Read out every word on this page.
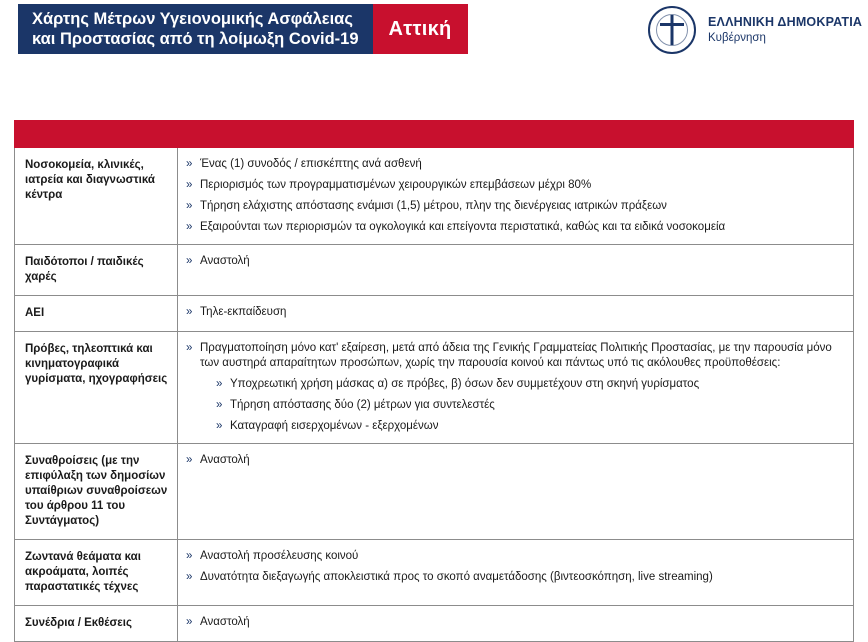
Χάρτης Μέτρων Υγειονομικής Ασφάλειας
και Προστασίας από τη λοίμωξη Covid-19	Αττική	ΕΛΛΗΝΙΚΗ ΔΗΜΟΚΡΑΤΙΑ
Κυβέρνηση

Νοσοκομεία, κλινικές, ιατρεία και διαγνωστικά κέντρα	
» Ένας (1) συνοδός / επισκέπτης ανά ασθενή
» Περιορισμός των προγραμματισμένων χειρουργικών επεμβάσεων μέχρι 80%
» Τήρηση ελάχιστης απόστασης ενάμισι (1,5) μέτρου, πλην της διενέργειας ιατρικών πράξεων
» Εξαιρούνται των περιορισμών τα ογκολογικά και επείγοντα περιστατικά, καθώς και τα ειδικά νοσοκομεία

Παιδότοποι / παιδικές χαρές	
» Αναστολή

ΑΕΙ	
»Τηλε-εκπαίδευση

Πρόβες, τηλεοπτικά και κινηματογραφικά γυρίσματα, ηχογραφήσεις	
» Πραγματοποίηση μόνο κατ' εξαίρεση, μετά από άδεια της Γενικής Γραμματείας Πολιτικής Προστασίας, με την παρουσία μόνο των αυστηρά απαραίτητων προσώπων, χωρίς την παρουσία κοινού και πάντως υπό τις ακόλουθες προϋποθέσεις:
» Υποχρεωτική χρήση μάσκας α) σε πρόβες, β) όσων δεν συμμετέχουν στη σκηνή γυρίσματος
» Τήρηση απόστασης δύο (2) μέτρων για συντελεστές
» Καταγραφή εισερχομένων - εξερχομένων

Συναθροίσεις (με την επιφύλαξη των δημοσίων υπαίθριων συναθροίσεων του άρθρου 11 του Συντάγματος)	
» Αναστολή

Ζωντανά θεάματα και ακροάματα, λοιπές παραστατικές τέχνες	
» Αναστολή προσέλευσης κοινού
» Δυνατότητα διεξαγωγής αποκλειστικά προς το σκοπό αναμετάδοσης (βιντεοσκόπηση, live streaming)

Συνέδρια / Εκθέσεις	
»Αναστολή
